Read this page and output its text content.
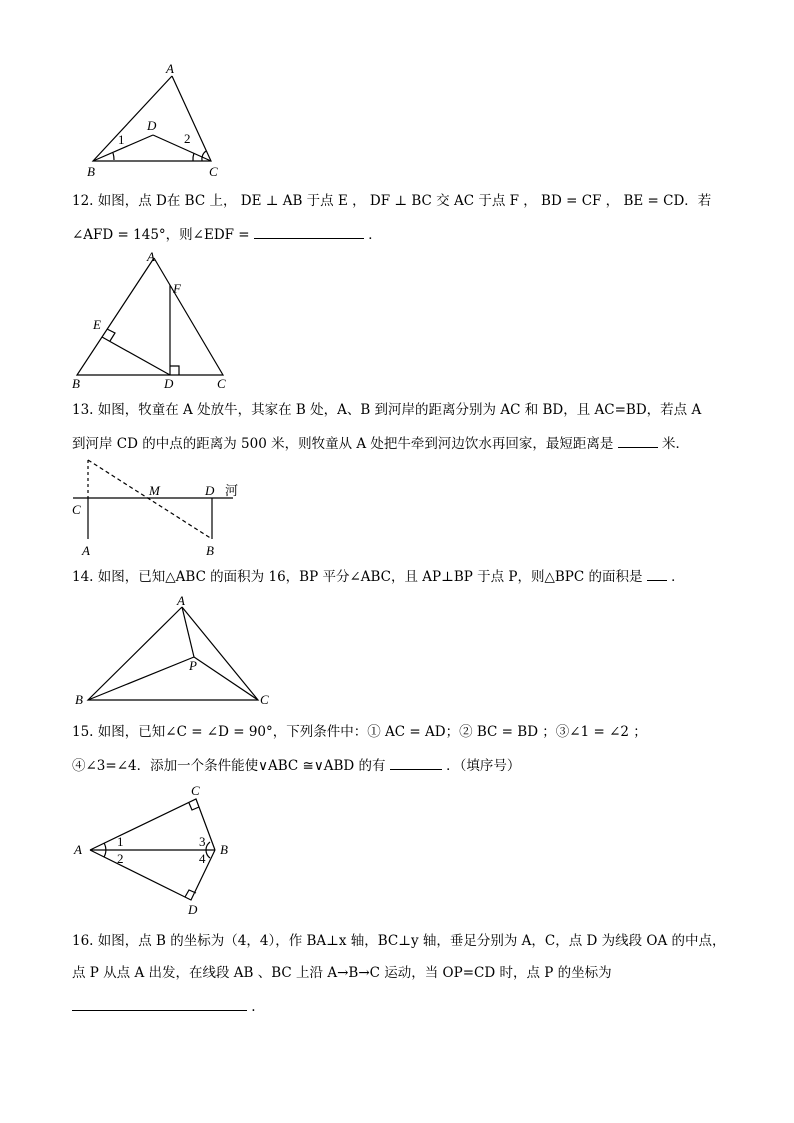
A
D
1	2
B	C
12. 如图，点 D在 BC 上， DE ⊥ AB 于点 E ， DF ⊥ BC 交 AC 于点 F ， BD = CF ， BE = CD．若
∠AFD = 145°，则∠EDF =	．
A
F
E
B	D	C
13. 如图，牧童在 A 处放牛，其家在 B 处，A、B 到河岸的距离分别为 AC 和 BD，且 AC=BD，若点 A
到河岸 CD 的中点的距离为 500 米，则牧童从 A 处把牛牵到河边饮水再回家，最短距离是	米．
C
M	D 河
A	B
14. 如图，已知△ABC 的面积为 16，BP 平分∠ABC，且 AP⊥BP 于点 P，则△BPC 的面积是 ．
A
P
B	C
15. 如图，已知∠C = ∠D = 90°，下列条件中：① AC = AD；② BC = BD ；③∠1 = ∠2 ；
④∠3=∠4．添加一个条件能使∨ABC ≅∨ABD 的有	．（填序号）
C
A	B
1
2
3
4
D
16. 如图，点 B 的坐标为（4，4），作 BA⊥x 轴，BC⊥y 轴，垂足分别为 A，C，点 D 为线段 OA 的中点，
点 P 从点 A 出发，在线段 AB 、BC 上沿 A→B→C 运动，当 OP=CD 时，点 P 的坐标为
.
